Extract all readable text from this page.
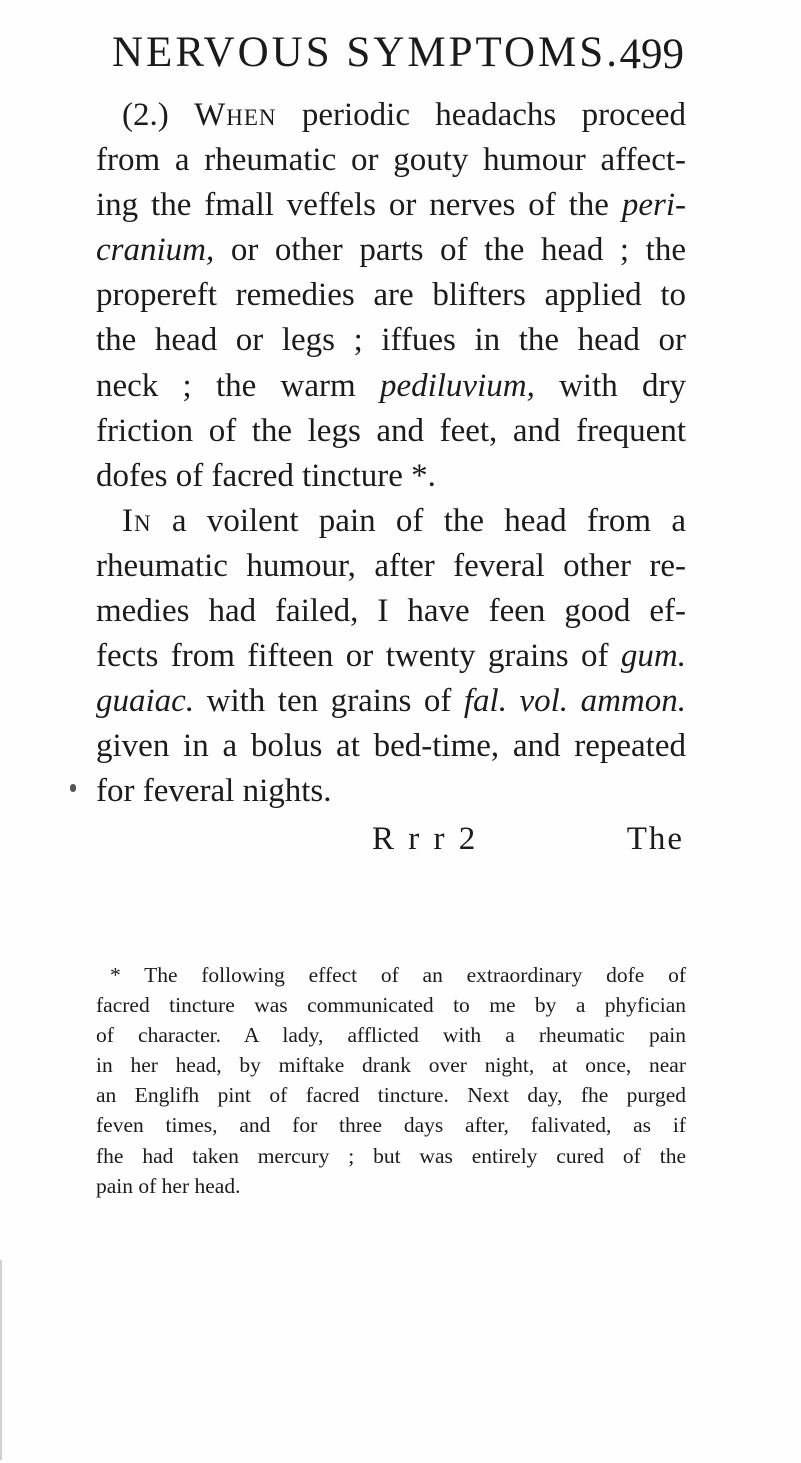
NERVOUS SYMPTOMS. 499
(2.) When periodic headachs proceed
from a rheumatic or gouty humour affect-
ing the fmall veffels or nerves of the peri-
cranium, or other parts of the head ; the
propereft remedies are blifters applied to
the head or legs ; iffues in the head or
neck ; the warm pediluvium, with dry
friction of the legs and feet, and frequent
dofes of facred tincture *.
In a voilent pain of the head from a
rheumatic humour, after feveral other re-
medies had failed, I have feen good ef-
fects from fifteen or twenty grains of gum.
guaiac. with ten grains of fal. vol. ammon.
given in a bolus at bed-time, and repeated
for feveral nights.
R r r 2	The
* The following effect of an extraordinary dofe of
facred tincture was communicated to me by a phyfician
of character. A lady, afflicted with a rheumatic pain
in her head, by miftake drank over night, at once, near
an Englifh pint of facred tincture. Next day, fhe purged
feven times, and for three days after, falivated, as if
fhe had taken mercury ; but was entirely cured of the
pain of her head.
